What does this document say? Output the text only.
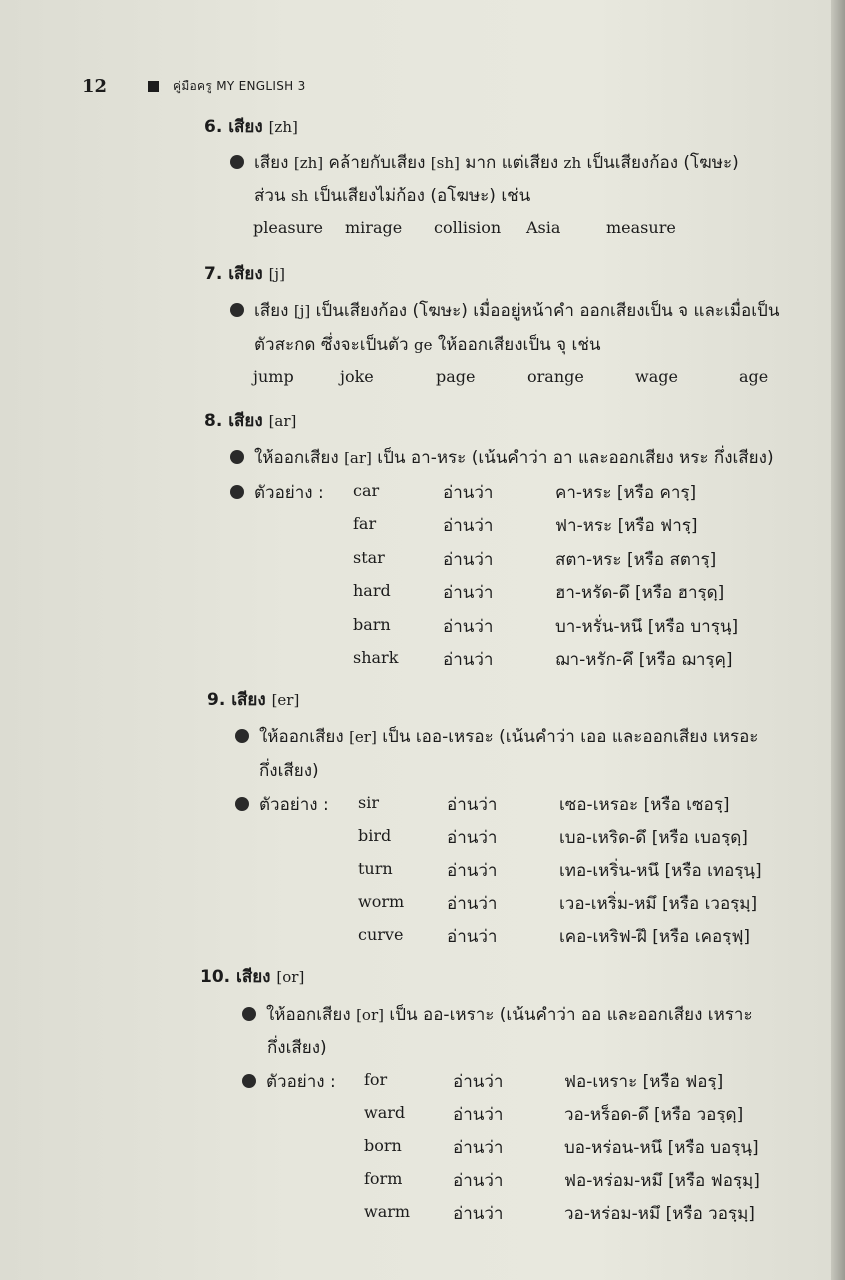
12	คู่มือครู MY ENGLISH 3
6. เสียง [zh]
เสียง [zh] คล้ายกับเสียง [sh] มาก แต่เสียง zh เป็นเสียงก้อง (โฆษะ)
ส่วน sh เป็นเสียงไม่ก้อง (อโฆษะ) เช่น
pleasure mirage collision Asia	measure
7. เสียง [j]
เสียง [j] เป็นเสียงก้อง (โฆษะ) เมื่ออยู่หน้าคำ ออกเสียงเป็น จ และเมื่อเป็น
ตัวสะกด ซึ่งจะเป็นตัว ge ให้ออกเสียงเป็น จุ เช่น
jump	joke	page	orange	wage	age
8. เสียง [ar]
ให้ออกเสียง [ar] เป็น อา-หระ (เน้นคำว่า อา และออกเสียง หระ กึ่งเสียง)
ตัวอย่าง : car	อ่านว่า	คา-หระ [หรือ คารฺ]
far	อ่านว่า	ฟา-หระ [หรือ ฟารฺ]
star	อ่านว่า	สตา-หระ [หรือ สตารฺ]
hard	อ่านว่า	ฮา-หรัด-ดึ [หรือ ฮารฺดฺ]
barn	อ่านว่า	บา-หรั่น-หนึ [หรือ บารฺนฺ]
shark	อ่านว่า	ฌา-หรัก-คึ [หรือ ฌารฺคฺ]
9. เสียง [er]
ให้ออกเสียง [er] เป็น เออ-เหรอะ (เน้นคำว่า เออ และออกเสียง เหรอะ
กึ่งเสียง)
ตัวอย่าง : sir	อ่านว่า	เซอ-เหรอะ [หรือ เซอรฺ]
bird	อ่านว่า	เบอ-เหริด-ดึ [หรือ เบอรฺดฺ]
turn	อ่านว่า	เทอ-เหริ่น-หนึ [หรือ เทอรฺนฺ]
worm	อ่านว่า	เวอ-เหริ่ม-หมึ [หรือ เวอรฺมฺ]
curve	อ่านว่า	เคอ-เหริฟ-ฝึ [หรือ เคอรฺฟฺ]
10. เสียง [or]
ให้ออกเสียง [or] เป็น ออ-เหราะ (เน้นคำว่า ออ และออกเสียง เหราะ
กึ่งเสียง)
ตัวอย่าง : for	อ่านว่า	ฟอ-เหราะ [หรือ ฟอรฺ]
ward	อ่านว่า	วอ-หร็อด-ดึ [หรือ วอรฺดฺ]
born	อ่านว่า	บอ-หร่อน-หนึ [หรือ บอรฺนฺ]
form	อ่านว่า	ฟอ-หร่อม-หมึ [หรือ ฟอรฺมฺ]
warm	อ่านว่า	วอ-หร่อม-หมึ [หรือ วอรฺมฺ]
